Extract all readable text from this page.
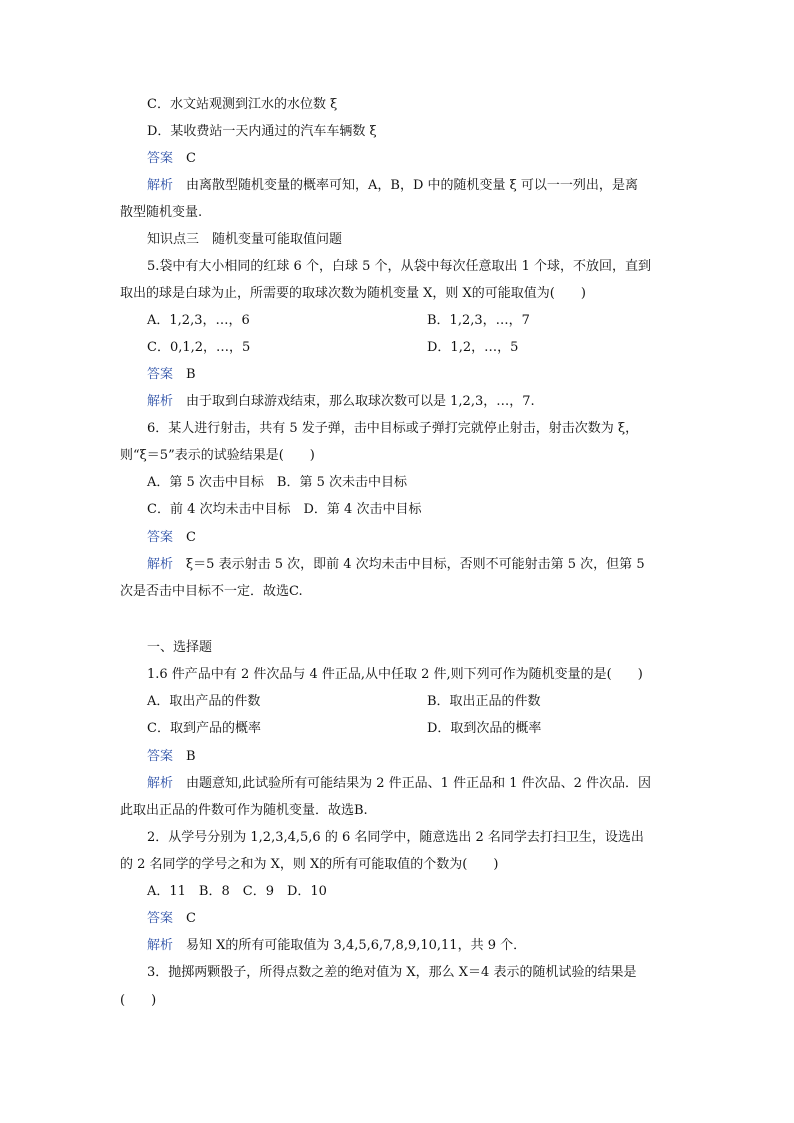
C．水文站观测到江水的水位数 ξ
D．某收费站一天内通过的汽车车辆数 ξ
答案　C
解析　由离散型随机变量的概率可知，A，B，D 中的随机变量 ξ 可以一一列出，是离
散型随机变量.
知识点三　随机变量可能取值问题
5.袋中有大小相同的红球 6 个，白球 5 个，从袋中每次任意取出 1 个球，不放回，直到
取出的球是白球为止，所需要的取球次数为随机变量 X，则 X的可能取值为(　　)
A．1,2,3，…，6	B．1,2,3，…，7
C．0,1,2，…，5	D．1,2，…，5
答案　B
解析　由于取到白球游戏结束，那么取球次数可以是 1,2,3，…，7.
6．某人进行射击，共有 5 发子弹，击中目标或子弹打完就停止射击，射击次数为 ξ，
则“ξ＝5”表示的试验结果是(　　)
A．第 5 次击中目标　B．第 5 次未击中目标
C．前 4 次均未击中目标　D．第 4 次击中目标
答案　C
解析　ξ＝5 表示射击 5 次，即前 4 次均未击中目标，否则不可能射击第 5 次，但第 5
次是否击中目标不一定．故选C.
一、选择题
1.6 件产品中有 2 件次品与 4 件正品,从中任取 2 件,则下列可作为随机变量的是(　　)
A．取出产品的件数	B．取出正品的件数
C．取到产品的概率	D．取到次品的概率
答案　B
解析　由题意知,此试验所有可能结果为 2 件正品、1 件正品和 1 件次品、2 件次品．因
此取出正品的件数可作为随机变量．故选B.
2．从学号分别为 1,2,3,4,5,6 的 6 名同学中，随意选出 2 名同学去打扫卫生，设选出
的 2 名同学的学号之和为 X，则 X的所有可能取值的个数为(　　)
A．11　B．8　C．9　D．10
答案　C
解析　易知 X的所有可能取值为 3,4,5,6,7,8,9,10,11，共 9 个．
3．抛掷两颗骰子，所得点数之差的绝对值为 X，那么 X＝4 表示的随机试验的结果是
(　　)
